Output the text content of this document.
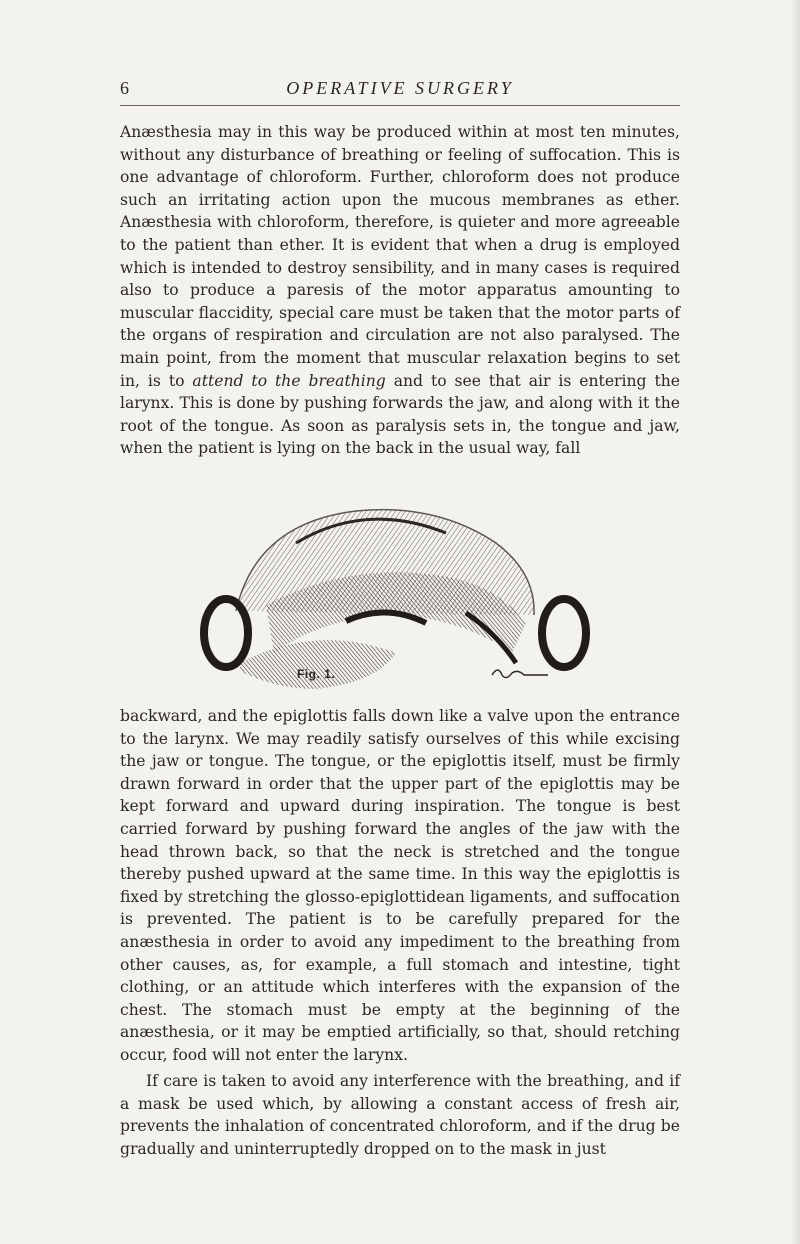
6	OPERATIVE SURGERY

Anæsthesia may in this way be produced within at most ten minutes, without any disturbance of breathing or feeling of suffocation. This is one advantage of chloroform. Further, chloroform does not produce such an irritating action upon the mucous membranes as ether. Anæsthesia with chloroform, therefore, is quieter and more agreeable to the patient than ether. It is evident that when a drug is employed which is intended to destroy sensibility, and in many cases is required also to produce a paresis of the motor apparatus amounting to muscular flaccidity, special care must be taken that the motor parts of the organs of respiration and circulation are not also paralysed. The main point, from the moment that muscular relaxation begins to set in, is to attend to the breathing and to see that air is entering the larynx. This is done by pushing forwards the jaw, and along with it the root of the tongue. As soon as paralysis sets in, the tongue and jaw, when the patient is lying on the back in the usual way, fall

Fig. 1.

backward, and the epiglottis falls down like a valve upon the entrance to the larynx. We may readily satisfy ourselves of this while excising the jaw or tongue. The tongue, or the epiglottis itself, must be firmly drawn forward in order that the upper part of the epiglottis may be kept forward and upward during inspiration. The tongue is best carried forward by pushing forward the angles of the jaw with the head thrown back, so that the neck is stretched and the tongue thereby pushed upward at the same time. In this way the epiglottis is fixed by stretching the glosso-epiglottidean ligaments, and suffocation is prevented. The patient is to be carefully prepared for the anæsthesia in order to avoid any impediment to the breathing from other causes, as, for example, a full stomach and intestine, tight clothing, or an attitude which interferes with the expansion of the chest. The stomach must be empty at the beginning of the anæsthesia, or it may be emptied artificially, so that, should retching occur, food will not enter the larynx.

If care is taken to avoid any interference with the breathing, and if a mask be used which, by allowing a constant access of fresh air, prevents the inhalation of concentrated chloroform, and if the drug be gradually and uninterruptedly dropped on to the mask in just
